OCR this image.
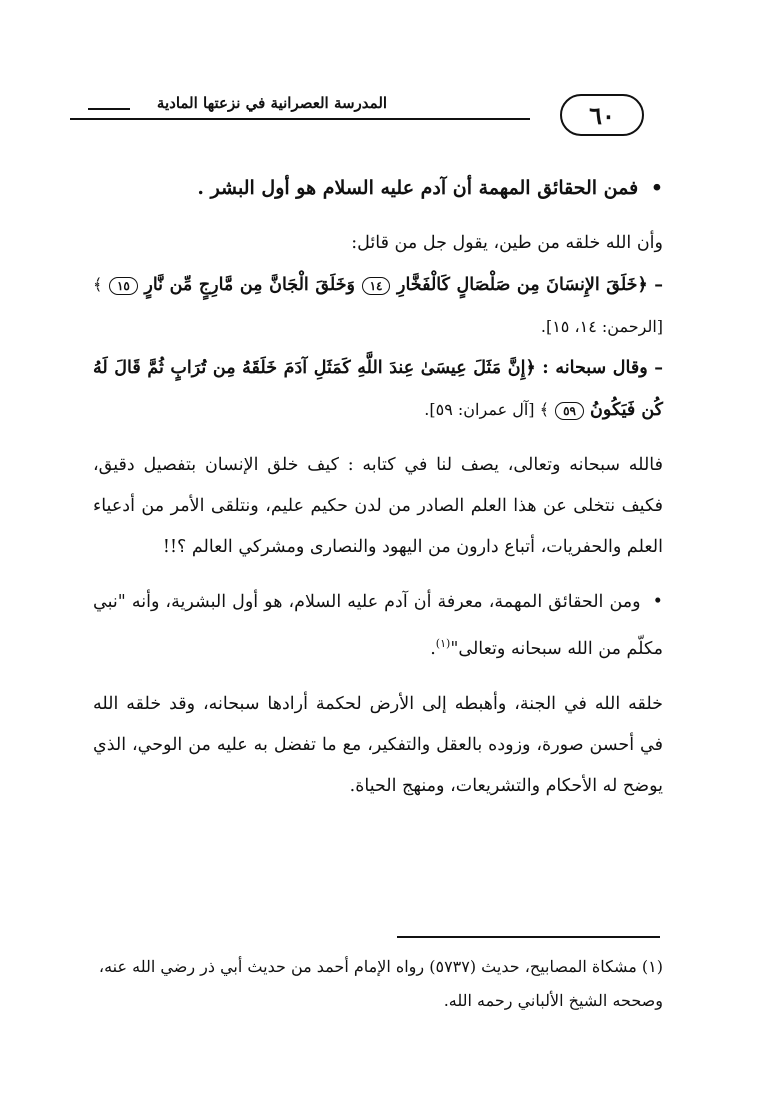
المدرسة العصرانية في نزعتها المادية	٦٠

• فمن الحقائق المهمة أن آدم عليه السلام هو أول البشر .

وأن الله خلقه من طين، يقول جل من قائل:

– ﴿خَلَقَ الإِنسَانَ مِن صَلْصَالٍ كَالْفَخَّارِ ١٤ وَخَلَقَ الْجَانَّ مِن مَّارِجٍ مِّن نَّارٍ ١٥ ﴾ [الرحمن: ١٤، ١٥].

– وقال سبحانه : ﴿إِنَّ مَثَلَ عِيسَىٰ عِندَ اللَّهِ كَمَثَلِ آدَمَ خَلَقَهُ مِن تُرَابٍ ثُمَّ قَالَ لَهُ كُن فَيَكُونُ ٥٩ ﴾ [آل عمران: ٥٩].

فالله سبحانه وتعالى، يصف لنا في كتابه : كيف خلق الإنسان بتفصيل دقيق، فكيف نتخلى عن هذا العلم الصادر من لدن حكيم عليم، ونتلقى الأمر من أدعياء العلم والحفريات، أتباع دارون من اليهود والنصارى ومشركي العالم ؟!!

• ومن الحقائق المهمة، معرفة أن آدم عليه السلام، هو أول البشرية، وأنه "نبي مكلّم من الله سبحانه وتعالى"$^{(١)}$.

خلقه الله في الجنة، وأهبطه إلى الأرض لحكمة أرادها سبحانه، وقد خلقه الله في أحسن صورة، وزوده بالعقل والتفكير، مع ما تفضل به عليه من الوحي، الذي يوضح له الأحكام والتشريعات، ومنهج الحياة.

(١) مشكاة المصابيح، حديث (٥٧٣٧) رواه الإمام أحمد من حديث أبي ذر رضي الله عنه، وصححه الشيخ الألباني رحمه الله.
